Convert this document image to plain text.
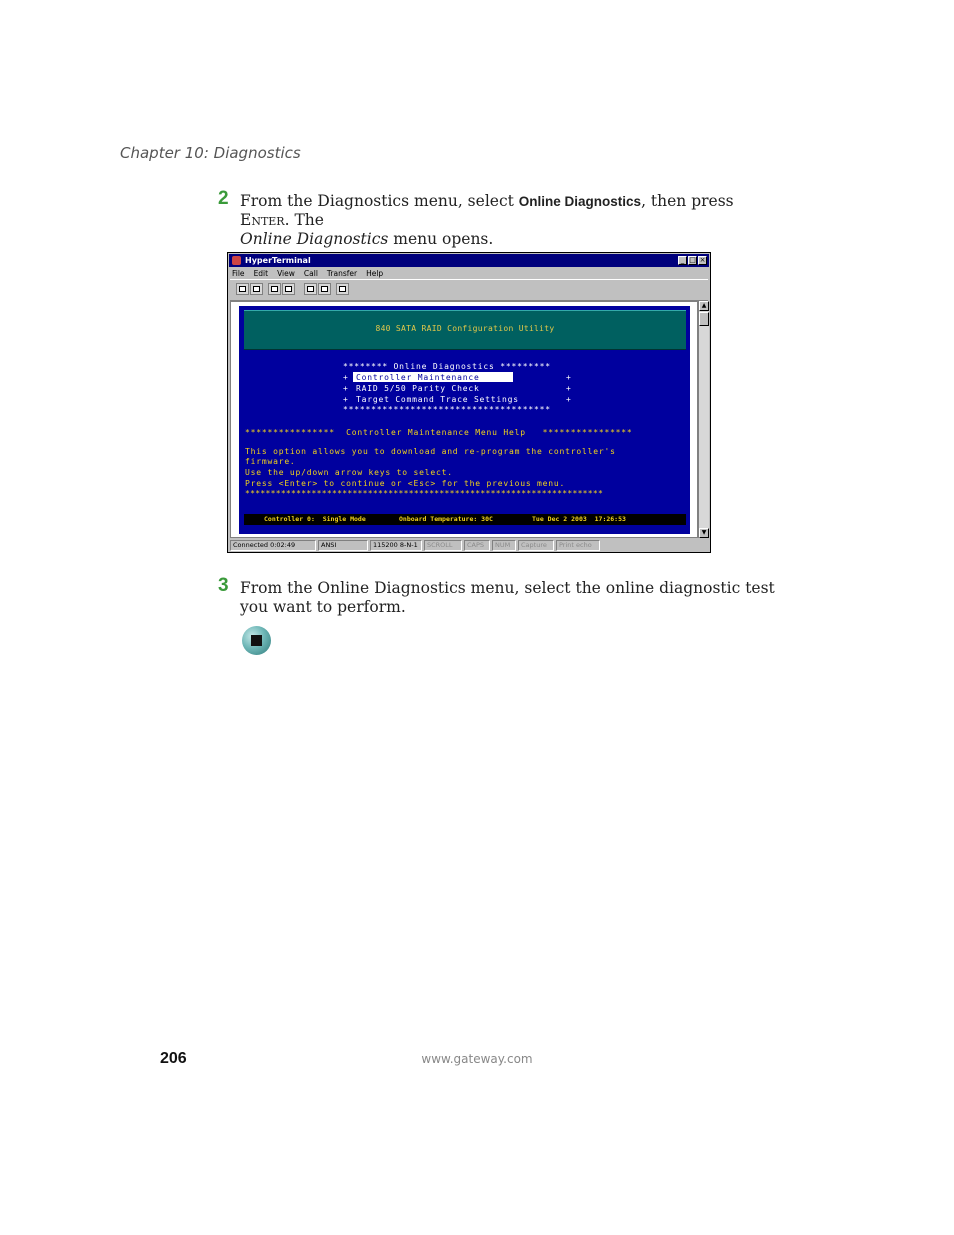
Chapter 10: Diagnostics
2 From the Diagnostics menu, select Online Diagnostics, then press Enter. The
Online Diagnostics menu opens.
HyperTerminal	_ □ ×
File Edit View Call Transfer Help
840 SATA RAID Configuration Utility
******** Online Diagnostics *********
+ Controller Maintenance	+
+ RAID 5/50 Parity Check	+
+ Target Command Trace Settings	+
*************************************
****************  Controller Maintenance Menu Help   ****************
This option allows you to download and re-program the controller's
firmware.
Use the up/down arrow keys to select.
Press <Enter> to continue or <Esc> for the previous menu.
**********************************************************************
Controller 0:  Single Mode	Onboard Temperature: 30C	Tue Dec 2 2003  17:26:53
▲
▼
Connected 0:02:49	ANSI	115200 8-N-1	SCROLL	CAPS	NUM	Capture	Print echo
3 From the Online Diagnostics menu, select the online diagnostic test you want to perform.
206	www.gateway.com
